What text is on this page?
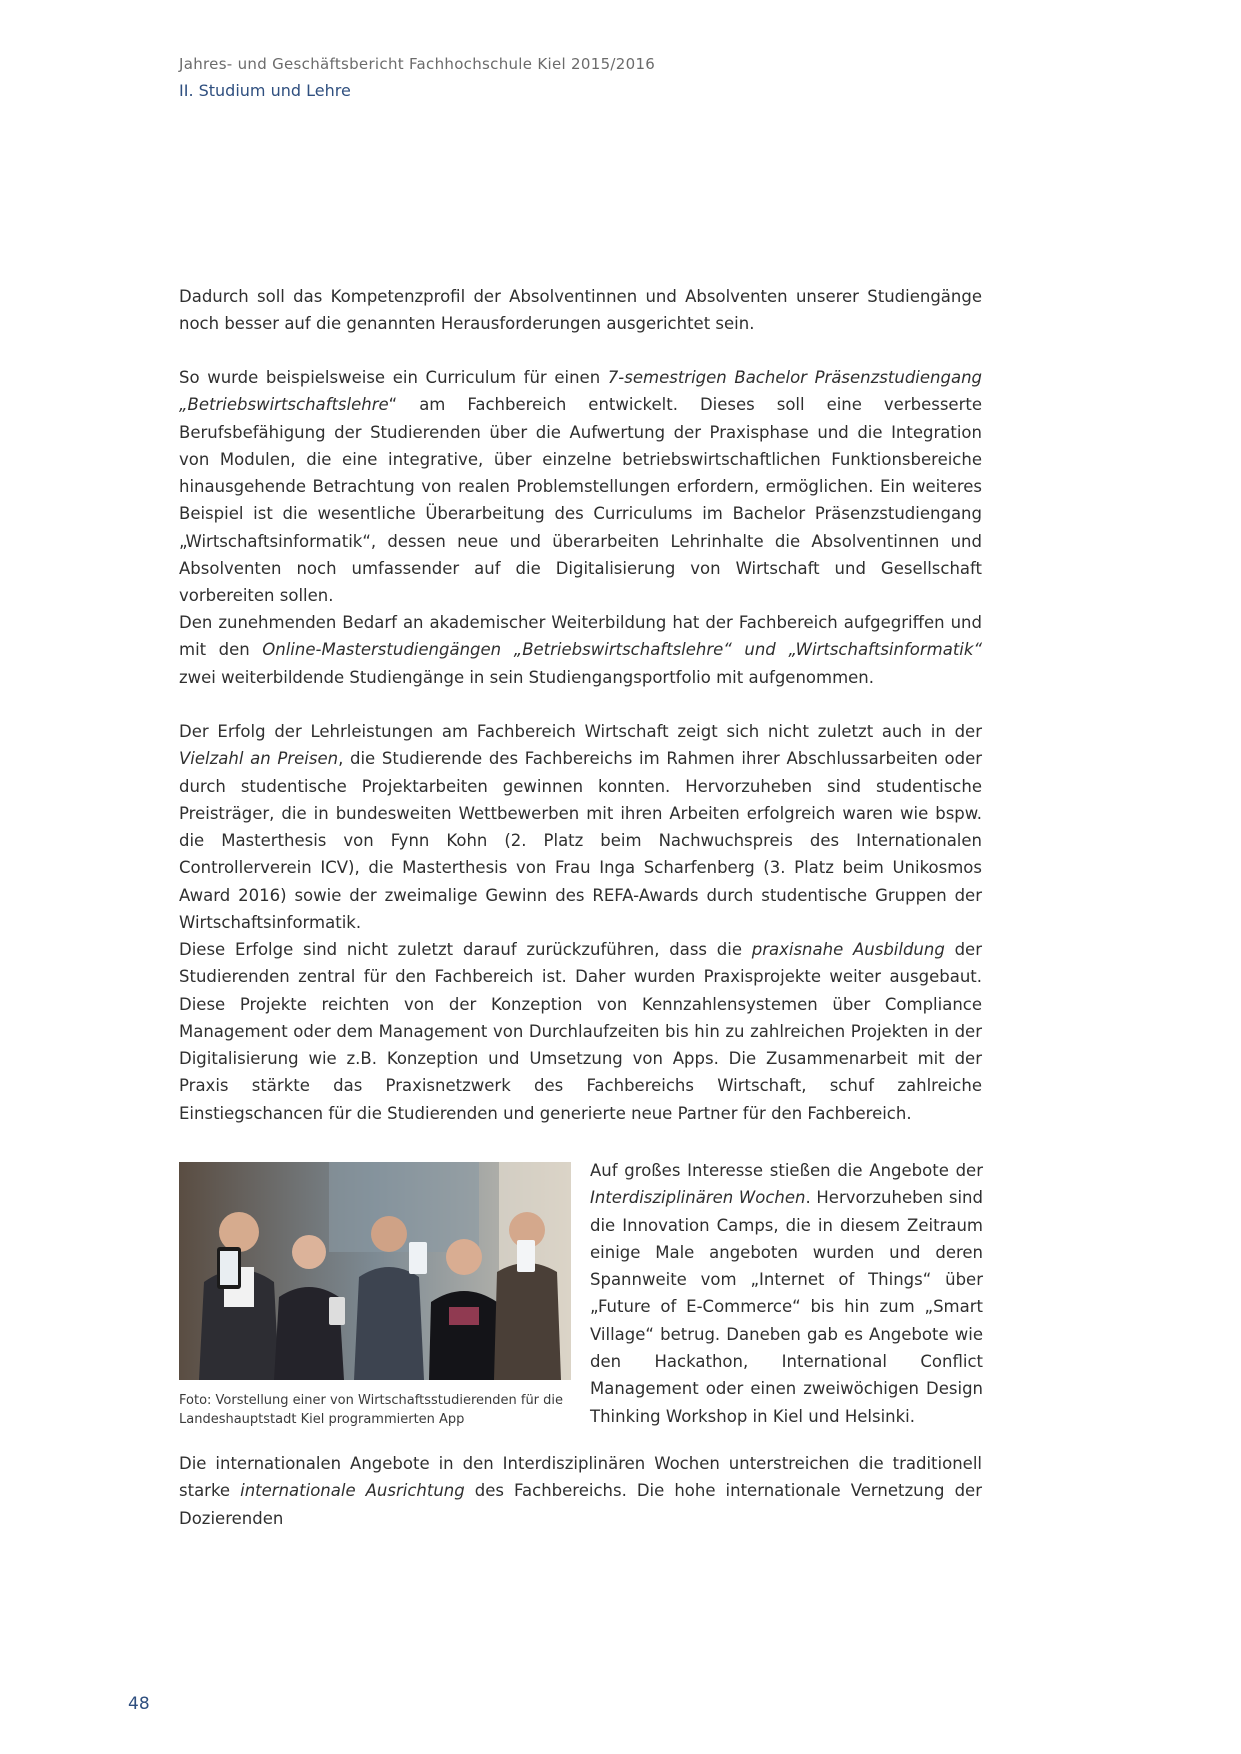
Jahres- und Geschäftsbericht Fachhochschule Kiel 2015/2016
II. Studium und Lehre

Dadurch soll das Kompetenzprofil der Absolventinnen und Absolventen unserer Studiengänge noch besser auf die genannten Herausforderungen ausgerichtet sein.

So wurde beispielsweise ein Curriculum für einen 7-semestrigen Bachelor Präsenzstudiengang „Betriebswirtschaftslehre“ am Fachbereich entwickelt. Dieses soll eine verbesserte Berufsbefähigung der Studierenden über die Aufwertung der Praxisphase und die Integration von Modulen, die eine integrative, über einzelne betriebswirtschaftlichen Funktionsbereiche hinausgehende Betrachtung von realen Problemstellungen erfordern, ermöglichen. Ein weiteres Beispiel ist die wesentliche Überarbeitung des Curriculums im Bachelor Präsenzstudiengang „Wirtschaftsinformatik“, dessen neue und überarbeiten Lehrinhalte die Absolventinnen und Absolventen noch umfassender auf die Digitalisierung von Wirtschaft und Gesellschaft vorbereiten sollen.

Den zunehmenden Bedarf an akademischer Weiterbildung hat der Fachbereich aufgegriffen und mit den Online-Masterstudiengängen „Betriebswirtschaftslehre“ und „Wirtschaftsinformatik“ zwei weiterbildende Studiengänge in sein Studiengangsportfolio mit aufgenommen.

Der Erfolg der Lehrleistungen am Fachbereich Wirtschaft zeigt sich nicht zuletzt auch in der Vielzahl an Preisen, die Studierende des Fachbereichs im Rahmen ihrer Abschlussarbeiten oder durch studentische Projektarbeiten gewinnen konnten. Hervorzuheben sind studentische Preisträger, die in bundesweiten Wettbewerben mit ihren Arbeiten erfolgreich waren wie bspw. die Masterthesis von Fynn Kohn (2. Platz beim Nachwuchspreis des Internationalen Controllerverein ICV), die Masterthesis von Frau Inga Scharfenberg (3. Platz beim Unikosmos Award 2016) sowie der zweimalige Gewinn des REFA-Awards durch studentische Gruppen der Wirtschaftsinformatik.

Diese Erfolge sind nicht zuletzt darauf zurückzuführen, dass die praxisnahe Ausbildung der Studierenden zentral für den Fachbereich ist. Daher wurden Praxisprojekte weiter ausgebaut. Diese Projekte reichten von der Konzeption von Kennzahlensystemen über Compliance Management oder dem Management von Durchlaufzeiten bis hin zu zahlreichen Projekten in der Digitalisierung wie z.B. Konzeption und Umsetzung von Apps. Die Zusammenarbeit mit der Praxis stärkte das Praxisnetzwerk des Fachbereichs Wirtschaft, schuf zahlreiche Einstiegschancen für die Studierenden und generierte neue Partner für den Fachbereich.

Foto: Vorstellung einer von Wirtschaftsstudierenden für die Landeshauptstadt Kiel programmierten App

Auf großes Interesse stießen die Angebote der Interdisziplinären Wochen. Hervorzuheben sind die Innovation Camps, die in diesem Zeitraum einige Male angeboten wurden und deren Spannweite vom „Internet of Things“ über „Future of E-Commerce“ bis hin zum „Smart Village“ betrug. Daneben gab es Angebote wie den Hackathon, International Conflict Management oder einen zweiwöchigen Design Thinking Workshop in Kiel und Helsinki.

Die internationalen Angebote in den Interdisziplinären Wochen unterstreichen die traditionell starke internationale Ausrichtung des Fachbereichs. Die hohe internationale Vernetzung der Dozierenden

48
